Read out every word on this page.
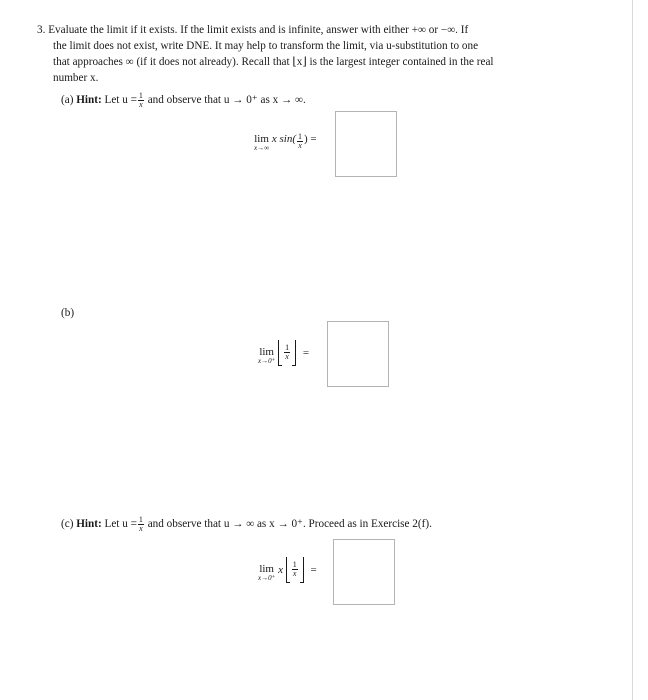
3. Evaluate the limit if it exists. If the limit exists and is infinite, answer with either +∞ or −∞. If
the limit does not exist, write DNE. It may help to transform the limit, via u-substitution to one
that approaches ∞ (if it does not already). Recall that ⌊x⌋ is the largest integer contained in the real
number x.
(a) Hint: Let $u = \frac{1}{x}$ and observe that u → 0⁺ as x → ∞.
lim
x→∞
x $\sin( \frac{1}{x}$ ) =
(b)
lim
x→0⁺
$\frac{1}{x}$ =
(c) Hint: Let $u = \frac{1}{x}$ and observe that u → ∞ as x → 0⁺. Proceed as in Exercise 2(f).
lim
x→0⁺
x $\frac{1}{x}$ =
